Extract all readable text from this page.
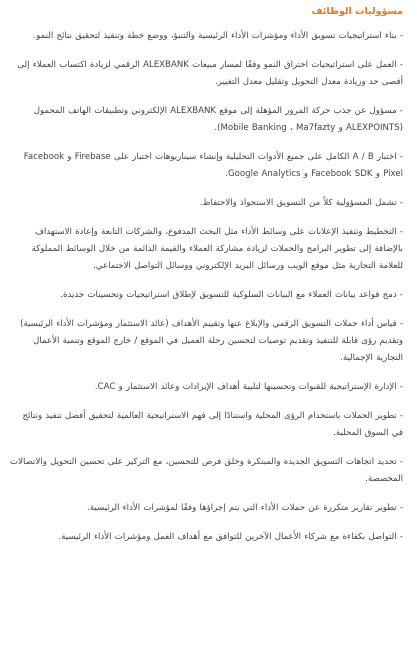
مسؤوليات الوظائف
- بناء استراتيجيات تسويق الأداء ومؤشرات الأداء الرئيسية والتنبؤ، ووضع خطة وتنفيذ لتحقيق نتائج النمو.
- العمل على استراتيجيات اختراق النمو وفقًا لمسار مبيعات ALEXBANK الرقمي لزيادة اكتساب العملاء إلى أقصى حد وزيادة معدل التحويل وتقليل معدل التغيير.
- مسؤول عن جذب حركة المرور المؤهلة إلى موقع ALEXBANK الإلكتروني وتطبيقات الهاتف المحمول (ALEXPOINTS و Mobile Banking ، Ma7fazty).
- اختبار A / B الكامل على جميع الأدوات التحليلية وإنشاء سيناريوهات اختبار على Firebase و Facebook Pixel و Facebook SDK و Google Analytics.
- تشمل المسؤولية كلاً من التسويق الاستحواذ والاحتفاظ.
- التخطيط وتنفيذ الإعلانات على وسائط الأداء مثل البحث المدفوع، والشركات التابعة وإعادة الاستهداف بالإضافة إلى تطوير البرامج والحملات لزيادة مشاركة العملاء والقيمة الدائمة من خلال الوسائط المملوكة للعلامة التجارية مثل موقع الويب ورسائل البريد الإلكتروني ووسائل التواصل الاجتماعي.
- دمج قواعد بيانات العملاء مع البيانات السلوكية للتسويق لإطلاق استراتيجيات وتحسينات جديدة.
- قياس أداء حملات التسويق الرقمي والإبلاغ عنها وتقييم الأهداف (عائد الاستثمار ومؤشرات الأداء الرئيسية) وتقديم رؤى قابلة للتنفيذ وتقديم توصيات لتحسين رحلة العميل في الموقع / خارج الموقع وتنمية الأعمال التجارية الإجمالية.
- الإدارة الإستراتيجية للقنوات وتحسينها لتلبية أهداف الإيرادات وعائد الاستثمار و CAC.
- تطوير الحملات باستخدام الرؤى المحلية واستنادًا إلى فهم الاستراتيجية العالمية لتحقيق أفضل تنفيذ ونتائج في السوق المحلية.
- تحديد اتجاهات التسويق الجديدة والمبتكرة وخلق فرص للتحسين، مع التركيز على تحسين التحويل والاتصالات المخصصة.
- تطوير تقارير متكررة عن حملات الأداء التي يتم إجراؤها وفقًا لمؤشرات الأداء الرئيسية.
- التواصل بكفاءة مع شركاء الأعمال الآخرين للتوافق مع أهداف العمل ومؤشرات الأداء الرئيسية.
